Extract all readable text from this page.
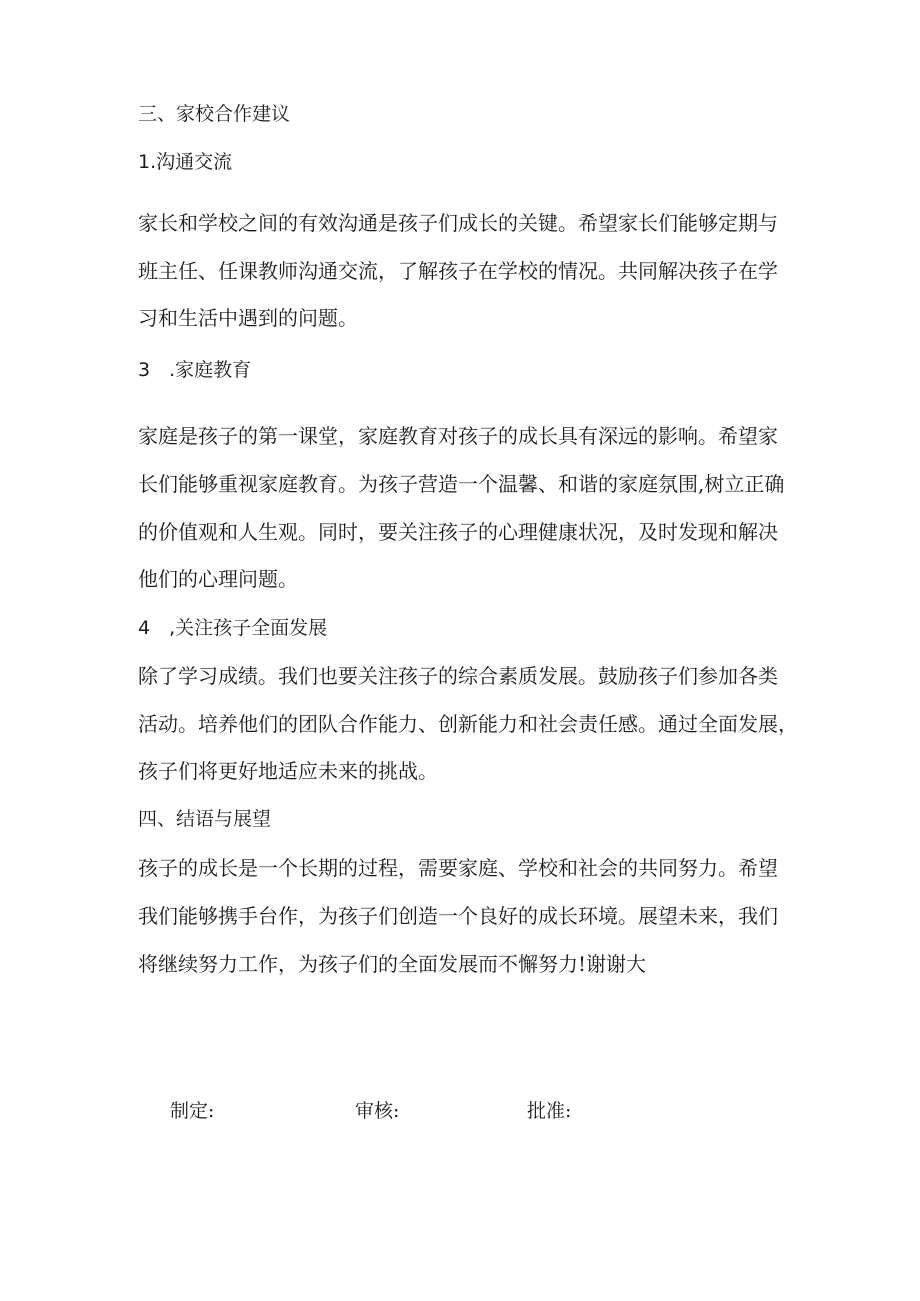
三、家校合作建议

1.沟通交流

家长和学校之间的有效沟通是孩子们成长的关键。希望家长们能够定期与

班主任、任课教师沟通交流，了解孩子在学校的情况。共同解决孩子在学

习和生活中遇到的问题。

3　.家庭教育

家庭是孩子的第一课堂，家庭教育对孩子的成长具有深远的影响。希望家

长们能够重视家庭教育。为孩子营造一个温馨、和谐的家庭氛围,树立正确

的价值观和人生观。同时，要关注孩子的心理健康状况，及时发现和解决

他们的心理问题。

4　,关注孩子全面发展

除了学习成绩。我们也要关注孩子的综合素质发展。鼓励孩子们参加各类

活动。培养他们的团队合作能力、创新能力和社会责任感。通过全面发展，

孩子们将更好地适应未来的挑战。

四、结语与展望

孩子的成长是一个长期的过程，需要家庭、学校和社会的共同努力。希望

我们能够携手台作，为孩子们创造一个良好的成长环境。展望未来，我们

将继续努力工作，为孩子们的全面发展而不懈努力!谢谢大

制定:	审核:	批准:
